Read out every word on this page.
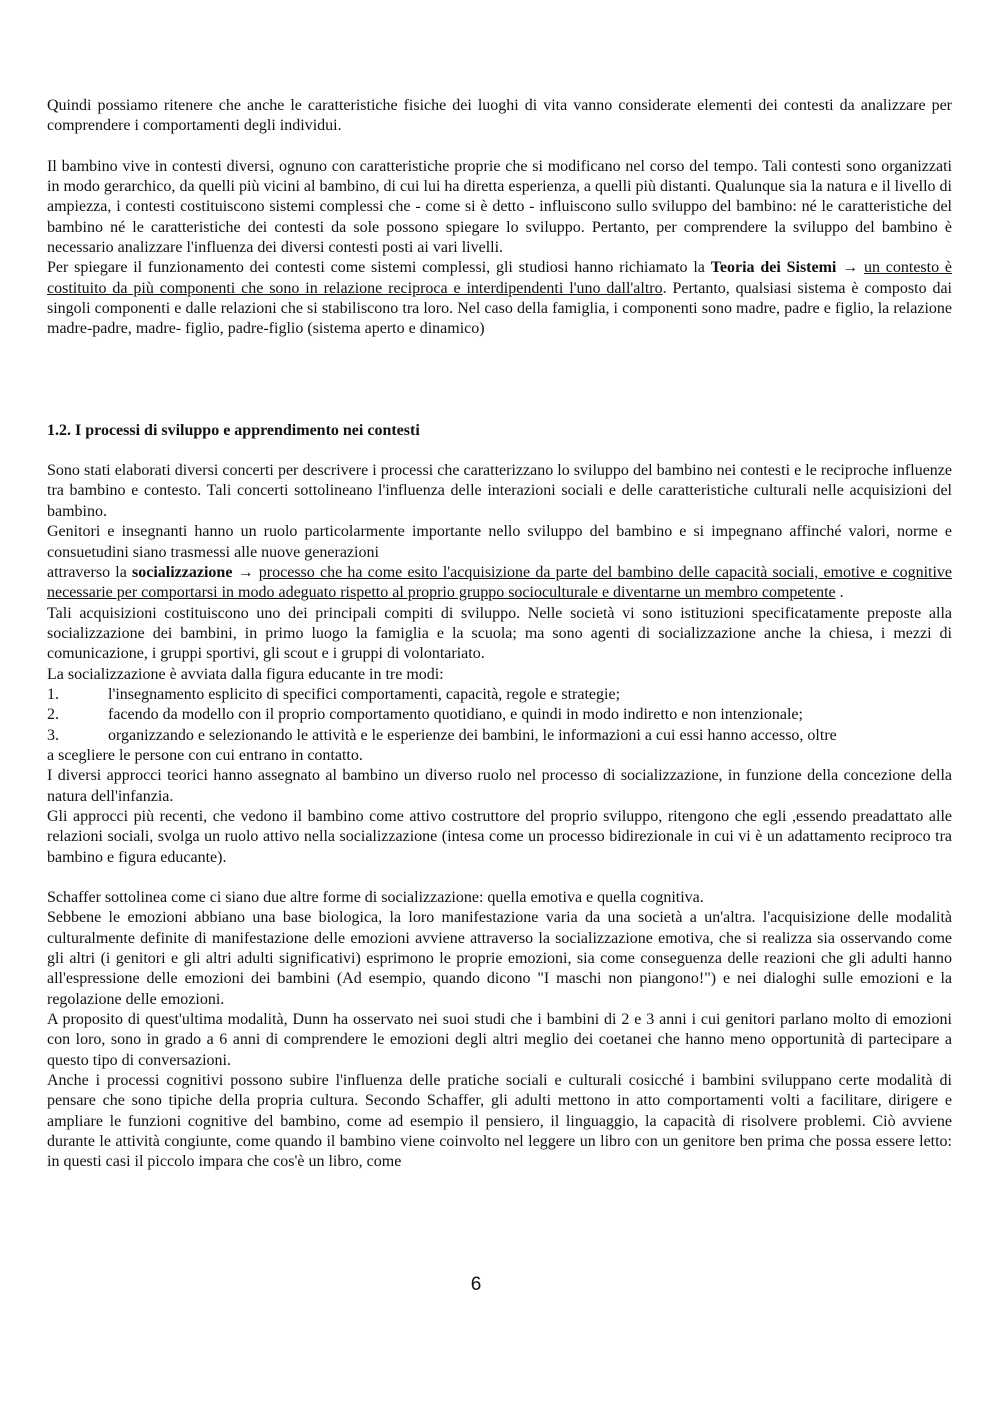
Quindi possiamo ritenere che anche le caratteristiche fisiche dei luoghi di vita vanno considerate elementi dei contesti da analizzare per comprendere i comportamenti degli individui.

Il bambino vive in contesti diversi, ognuno con caratteristiche proprie che si modificano nel corso del tempo. Tali contesti sono organizzati in modo gerarchico, da quelli più vicini al bambino, di cui lui ha diretta esperienza, a quelli più distanti. Qualunque sia la natura e il livello di ampiezza, i contesti costituiscono sistemi complessi che - come si è detto - influiscono sullo sviluppo del bambino: né le caratteristiche del bambino né le caratteristiche dei contesti da sole possono spiegare lo sviluppo. Pertanto, per comprendere la sviluppo del bambino è necessario analizzare l'influenza dei diversi contesti posti ai vari livelli.

Per spiegare il funzionamento dei contesti come sistemi complessi, gli studiosi hanno richiamato la Teoria dei Sistemi → un contesto è costituito da più componenti che sono in relazione reciproca e interdipendenti l'uno dall'altro. Pertanto, qualsiasi sistema è composto dai singoli componenti e dalle relazioni che si stabiliscono tra loro. Nel caso della famiglia, i componenti sono madre, padre e figlio, la relazione madre-padre, madre- figlio, padre-figlio (sistema aperto e dinamico)

1.2. I processi di sviluppo e apprendimento nei contesti

Sono stati elaborati diversi concerti per descrivere i processi che caratterizzano lo sviluppo del bambino nei contesti e le reciproche influenze tra bambino e contesto. Tali concerti sottolineano l'influenza delle interazioni sociali e delle caratteristiche culturali nelle acquisizioni del bambino.

Genitori e insegnanti hanno un ruolo particolarmente importante nello sviluppo del bambino e si impegnano affinché valori, norme e consuetudini siano trasmessi alle nuove generazioni

attraverso la socializzazione → processo che ha come esito l'acquisizione da parte del bambino delle capacità sociali, emotive e cognitive necessarie per comportarsi in modo adeguato rispetto al proprio gruppo socioculturale e diventarne un membro competente .

Tali acquisizioni costituiscono uno dei principali compiti di sviluppo. Nelle società vi sono istituzioni specificatamente preposte alla socializzazione dei bambini, in primo luogo la famiglia e la scuola; ma sono agenti di socializzazione anche la chiesa, i mezzi di comunicazione, i gruppi sportivi, gli scout e i gruppi di volontariato.

La socializzazione è avviata dalla figura educante in tre modi:

1.	l'insegnamento esplicito di specifici comportamenti, capacità, regole e strategie;
2.	facendo da modello con il proprio comportamento quotidiano, e quindi in modo indiretto e non intenzionale;
3.	organizzando e selezionando le attività e le esperienze dei bambini, le informazioni a cui essi hanno accesso, oltre

a scegliere le persone con cui entrano in contatto.

I diversi approcci teorici hanno assegnato al bambino un diverso ruolo nel processo di socializzazione, in funzione della concezione della natura dell'infanzia.

Gli approcci più recenti, che vedono il bambino come attivo costruttore del proprio sviluppo, ritengono che egli ,essendo preadattato alle relazioni sociali, svolga un ruolo attivo nella socializzazione (intesa come un processo bidirezionale in cui vi è un adattamento reciproco tra bambino e figura educante).

Schaffer sottolinea come ci siano due altre forme di socializzazione: quella emotiva e quella cognitiva.

Sebbene le emozioni abbiano una base biologica, la loro manifestazione varia da una società a un'altra. l'acquisizione delle modalità culturalmente definite di manifestazione delle emozioni avviene attraverso la socializzazione emotiva, che si realizza sia osservando come gli altri (i genitori e gli altri adulti significativi) esprimono le proprie emozioni, sia come conseguenza delle reazioni che gli adulti hanno all'espressione delle emozioni dei bambini (Ad esempio, quando dicono "I maschi non piangono!") e nei dialoghi sulle emozioni e la regolazione delle emozioni.

A proposito di quest'ultima modalità, Dunn ha osservato nei suoi studi che i bambini di 2 e 3 anni i cui genitori parlano molto di emozioni con loro, sono in grado a 6 anni di comprendere le emozioni degli altri meglio dei coetanei che hanno meno opportunità di partecipare a questo tipo di conversazioni.

Anche i processi cognitivi possono subire l'influenza delle pratiche sociali e culturali cosicché i bambini sviluppano certe modalità di pensare che sono tipiche della propria cultura. Secondo Schaffer, gli adulti mettono in atto comportamenti volti a facilitare, dirigere e ampliare le funzioni cognitive del bambino, come ad esempio il pensiero, il linguaggio, la capacità di risolvere problemi. Ciò avviene durante le attività congiunte, come quando il bambino viene coinvolto nel leggere un libro con un genitore ben prima che possa essere letto: in questi casi il piccolo impara che cos'è un libro, come

6
